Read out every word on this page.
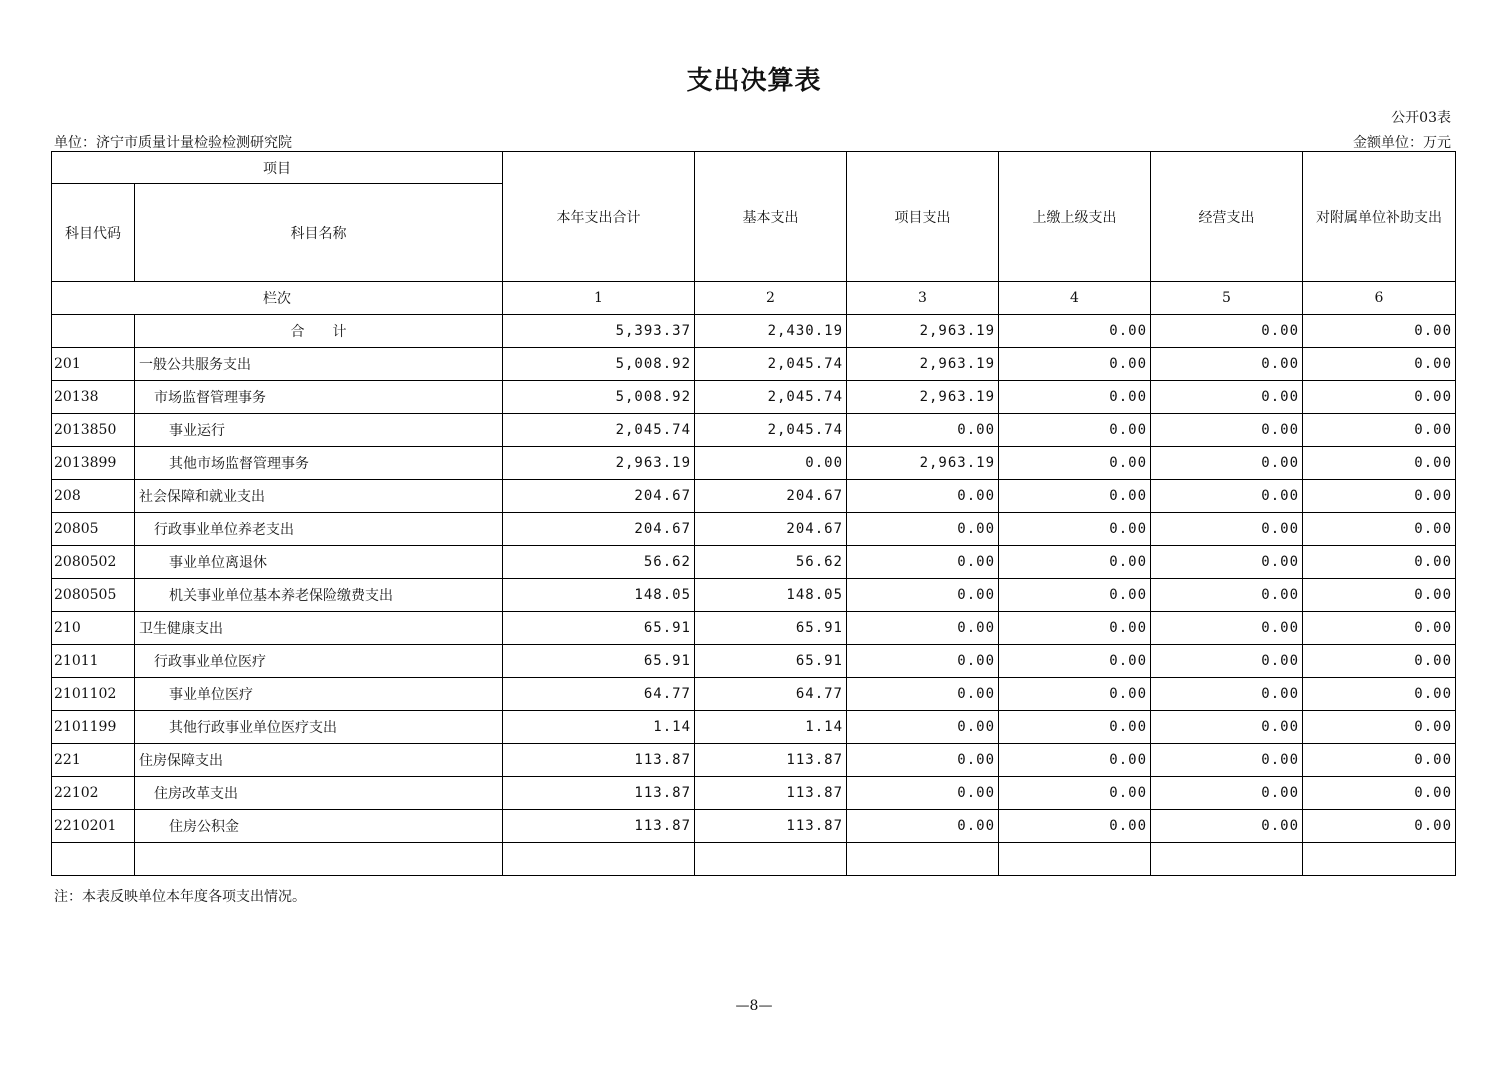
支出决算表
公开03表
单位：济宁市质量计量检验检测研究院	金额单位：万元
项目		本年支出合计	基本支出	项目支出	上缴上级支出	经营支出	对附属单位补助支出
科目代码	科目名称						
栏次		1	2	3	4	5	6
	合　　计	5,393.37	2,430.19	2,963.19	0.00	0.00	0.00
201	一般公共服务支出	5,008.92	2,045.74	2,963.19	0.00	0.00	0.00
20138	市场监督管理事务	5,008.92	2,045.74	2,963.19	0.00	0.00	0.00
2013850	事业运行	2,045.74	2,045.74	0.00	0.00	0.00	0.00
2013899	其他市场监督管理事务	2,963.19	0.00	2,963.19	0.00	0.00	0.00
208	社会保障和就业支出	204.67	204.67	0.00	0.00	0.00	0.00
20805	行政事业单位养老支出	204.67	204.67	0.00	0.00	0.00	0.00
2080502	事业单位离退休	56.62	56.62	0.00	0.00	0.00	0.00
2080505	机关事业单位基本养老保险缴费支出	148.05	148.05	0.00	0.00	0.00	0.00
210	卫生健康支出	65.91	65.91	0.00	0.00	0.00	0.00
21011	行政事业单位医疗	65.91	65.91	0.00	0.00	0.00	0.00
2101102	事业单位医疗	64.77	64.77	0.00	0.00	0.00	0.00
2101199	其他行政事业单位医疗支出	1.14	1.14	0.00	0.00	0.00	0.00
221	住房保障支出	113.87	113.87	0.00	0.00	0.00	0.00
22102	住房改革支出	113.87	113.87	0.00	0.00	0.00	0.00
2210201	住房公积金	113.87	113.87	0.00	0.00	0.00	0.00

注：本表反映单位本年度各项支出情况。
—8—
